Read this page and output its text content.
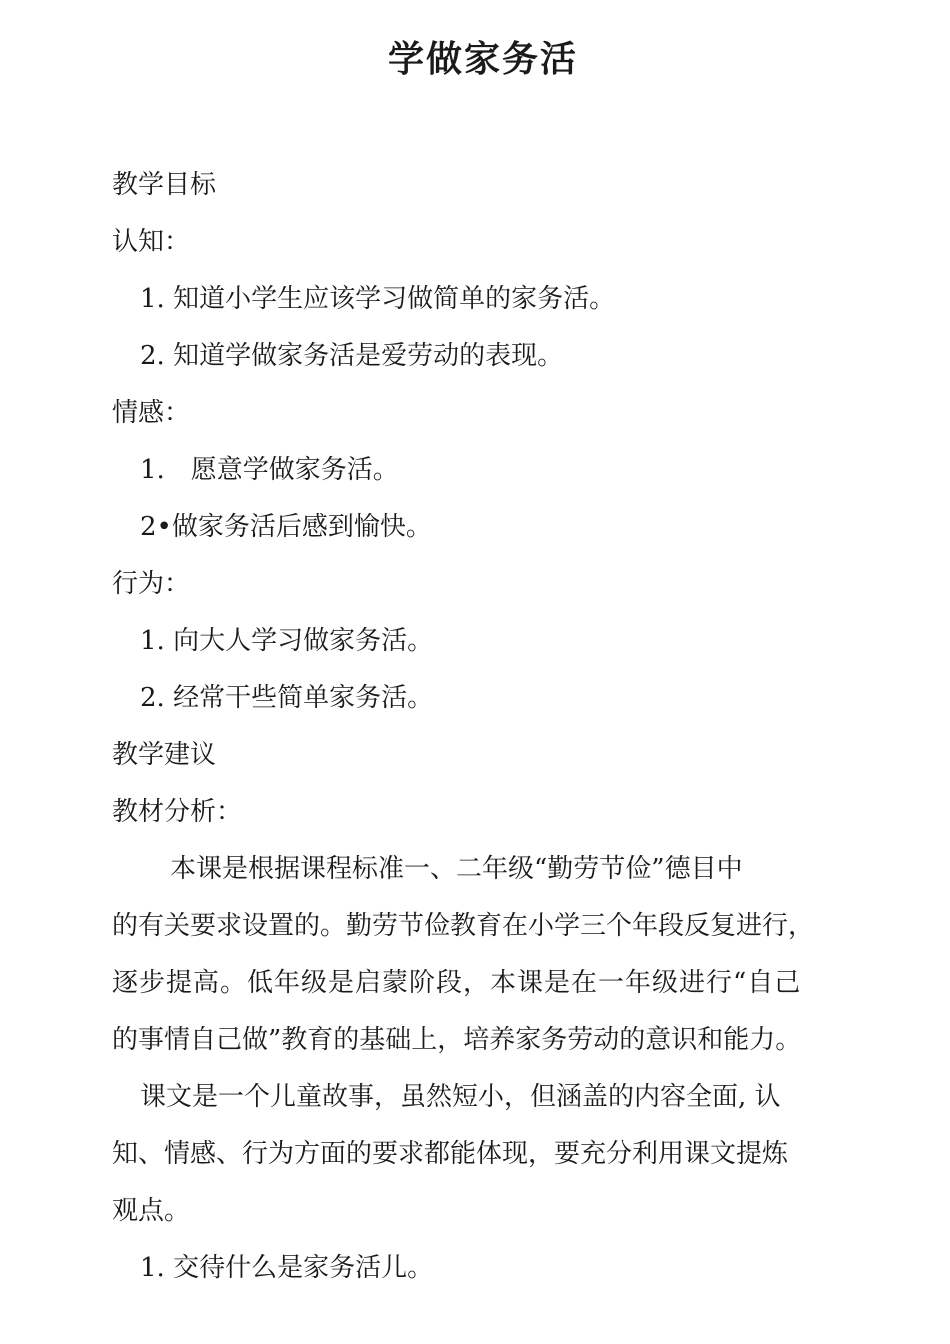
学做家务活
教学目标
认知：
1. 知道小学生应该学习做简单的家务活。
2. 知道学做家务活是爱劳动的表现。
情感：
1.　愿意学做家务活。
2•做家务活后感到愉快。
行为：
1. 向大人学习做家务活。
2. 经常干些简单家务活。
教学建议
教材分析：
本课是根据课程标准一、二年级“勤劳节俭”德目中
的有关要求设置的。勤劳节俭教育在小学三个年段反复进行，
逐步提高。低年级是启蒙阶段，本课是在一年级进行“自己
的事情自己做”教育的基础上，培养家务劳动的意识和能力。
课文是一个儿童故事，虽然短小，但涵盖的内容全面, 认
知、情感、行为方面的要求都能体现，要充分利用课文提炼
观点。
1. 交待什么是家务活儿。
